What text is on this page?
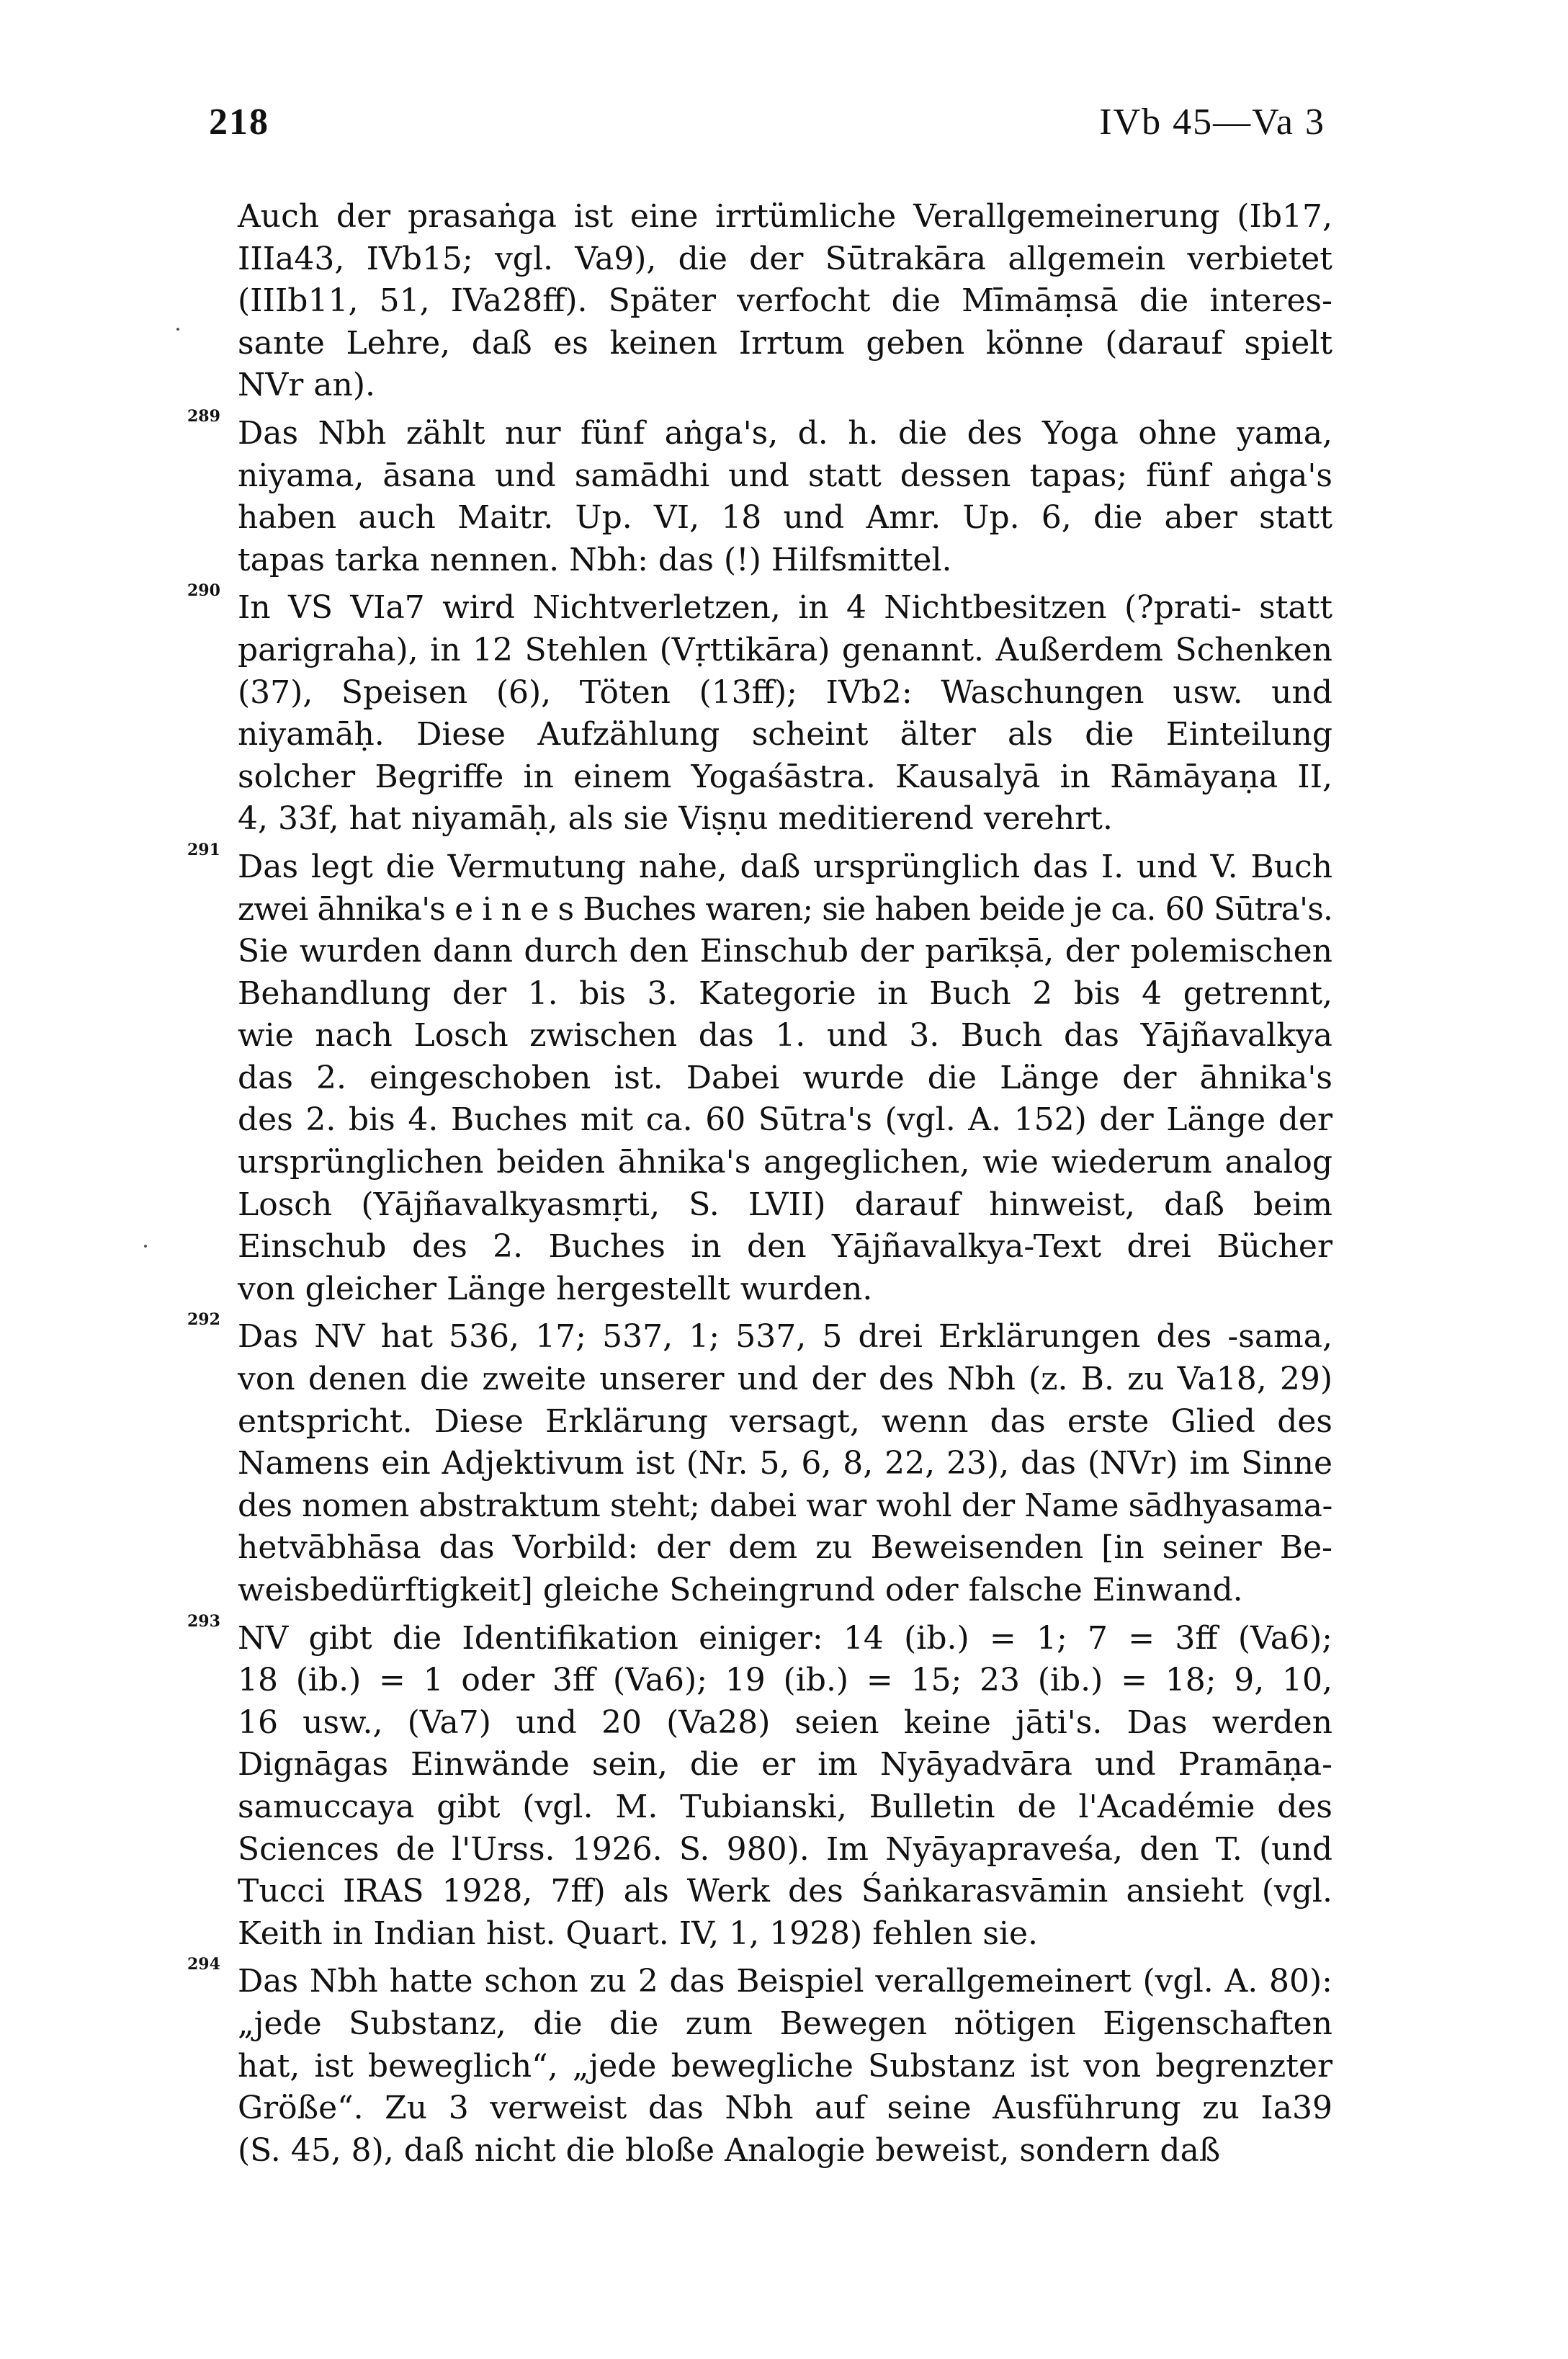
218	IVb 45—Va 3
Auch der prasaṅga ist eine irrtümliche Verallgemeinerung (Ib17,
IIIa43, IVb15; vgl. Va9), die der Sūtrakāra allgemein verbietet
(IIIb11, 51, IVa28ff). Später verfocht die Mīmāṃsā die interes-
sante Lehre, daß es keinen Irrtum geben könne (darauf spielt
NVr an).
289 Das Nbh zählt nur fünf aṅga's, d. h. die des Yoga ohne yama,
niyama, āsana und samādhi und statt dessen tapas; fünf aṅga's
haben auch Maitr. Up. VI, 18 und Amr. Up. 6, die aber statt
tapas tarka nennen. Nbh: das (!) Hilfsmittel.
290 In VS VIa7 wird Nichtverletzen, in 4 Nichtbesitzen (?prati- statt
parigraha), in 12 Stehlen (Vṛttikāra) genannt. Außerdem Schenken
(37), Speisen (6), Töten (13ff); IVb2: Waschungen usw. und
niyamāḥ. Diese Aufzählung scheint älter als die Einteilung
solcher Begriffe in einem Yogaśāstra. Kausalyā in Rāmāyaṇa II,
4, 33f, hat niyamāḥ, als sie Viṣṇu meditierend verehrt.
291 Das legt die Vermutung nahe, daß ursprünglich das I. und V. Buch
zwei āhnika's e i n e s Buches waren; sie haben beide je ca. 60 Sūtra's.
Sie wurden dann durch den Einschub der parīkṣā, der polemischen
Behandlung der 1. bis 3. Kategorie in Buch 2 bis 4 getrennt,
wie nach Losch zwischen das 1. und 3. Buch das Yājñavalkya
das 2. eingeschoben ist. Dabei wurde die Länge der āhnika's
des 2. bis 4. Buches mit ca. 60 Sūtra's (vgl. A. 152) der Länge der
ursprünglichen beiden āhnika's angeglichen, wie wiederum analog
Losch (Yājñavalkyasmṛti, S. LVII) darauf hinweist, daß beim
Einschub des 2. Buches in den Yājñavalkya-Text drei Bücher
von gleicher Länge hergestellt wurden.
292 Das NV hat 536, 17; 537, 1; 537, 5 drei Erklärungen des -sama,
von denen die zweite unserer und der des Nbh (z. B. zu Va18, 29)
entspricht. Diese Erklärung versagt, wenn das erste Glied des
Namens ein Adjektivum ist (Nr. 5, 6, 8, 22, 23), das (NVr) im Sinne
des nomen abstraktum steht; dabei war wohl der Name sādhyasama-
hetvābhāsa das Vorbild: der dem zu Beweisenden [in seiner Be-
weisbedürftigkeit] gleiche Scheingrund oder falsche Einwand.
293 NV gibt die Identifikation einiger: 14 (ib.) = 1; 7 = 3ff (Va6);
18 (ib.) = 1 oder 3ff (Va6); 19 (ib.) = 15; 23 (ib.) = 18; 9, 10,
16 usw., (Va7) und 20 (Va28) seien keine jāti's. Das werden
Dignāgas Einwände sein, die er im Nyāyadvāra und Pramāṇa-
samuccaya gibt (vgl. M. Tubianski, Bulletin de l'Académie des
Sciences de l'Urss. 1926. S. 980). Im Nyāyapraveśa, den T. (und
Tucci IRAS 1928, 7ff) als Werk des Śaṅkarasvāmin ansieht (vgl.
Keith in Indian hist. Quart. IV, 1, 1928) fehlen sie.
294 Das Nbh hatte schon zu 2 das Beispiel verallgemeinert (vgl. A. 80):
„jede Substanz, die die zum Bewegen nötigen Eigenschaften
hat, ist beweglich“, „jede bewegliche Substanz ist von begrenzter
Größe“. Zu 3 verweist das Nbh auf seine Ausführung zu Ia39
(S. 45, 8), daß nicht die bloße Analogie beweist, sondern daß
